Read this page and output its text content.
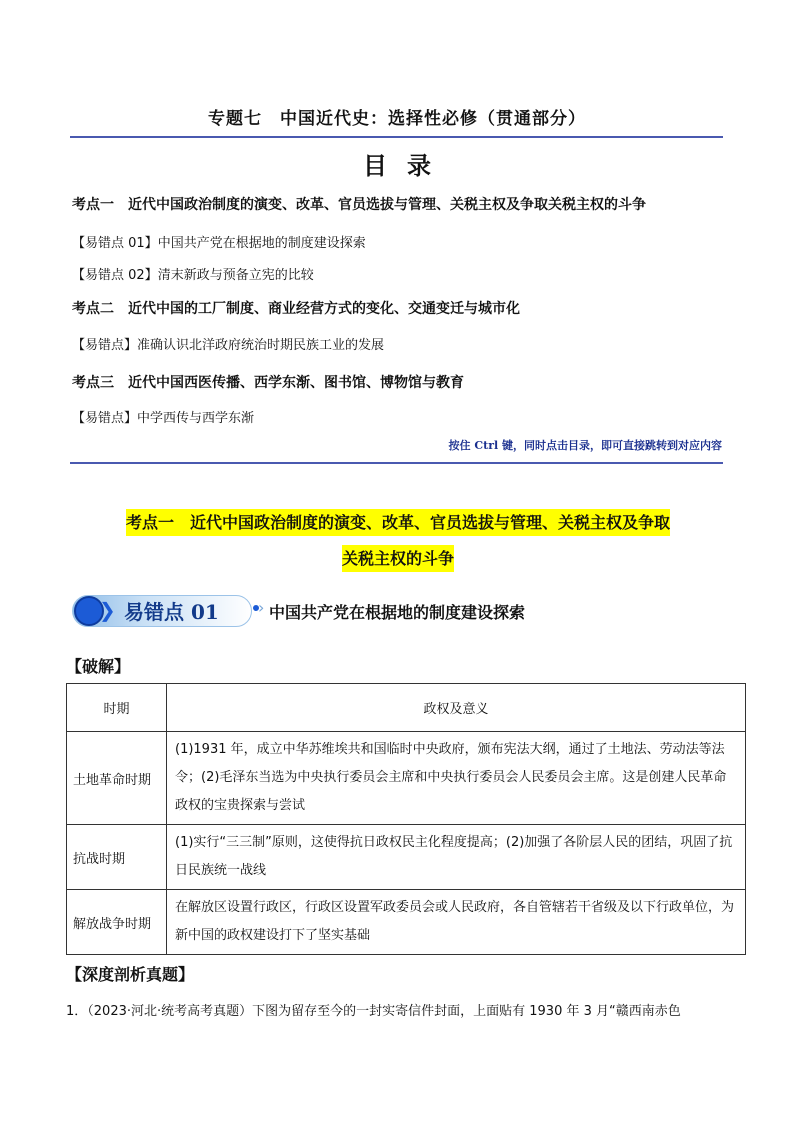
专题七　中国近代史：选择性必修（贯通部分）
目录
考点一 近代中国政治制度的演变、改革、官员选拔与管理、关税主权及争取关税主权的斗争
【易错点 01】中国共产党在根据地的制度建设探索
【易错点 02】清末新政与预备立宪的比较
考点二 近代中国的工厂制度、商业经营方式的变化、交通变迁与城市化
【易错点】准确认识北洋政府统治时期民族工业的发展
考点三 近代中国西医传播、西学东渐、图书馆、博物馆与教育
【易错点】中学西传与西学东渐
按住 Ctrl 键，同时点击目录，即可直接跳转到对应内容
考点一　近代中国政治制度的演变、改革、官员选拔与管理、关税主权及争取
关税主权的斗争
❯ 易错点 01 › 中国共产党在根据地的制度建设探索
【破解】
时期	政权及意义
土地革命时期	(1)1931 年，成立中华苏维埃共和国临时中央政府，颁布宪法大纲，通过了土地法、劳动法等法令；(2)毛泽东当选为中央执行委员会主席和中央执行委员会人民委员会主席。这是创建人民革命政权的宝贵探索与尝试
抗战时期	(1)实行“三三制”原则，这使得抗日政权民主化程度提高；(2)加强了各阶层人民的团结，巩固了抗日民族统一战线
解放战争时期	在解放区设置行政区，行政区设置军政委员会或人民政府，各自管辖若干省级及以下行政单位，为新中国的政权建设打下了坚实基础
【深度剖析真题】
1．（2023·河北·统考高考真题）下图为留存至今的一封实寄信件封面，上面贴有 1930 年 3 月“赣西南赤色
